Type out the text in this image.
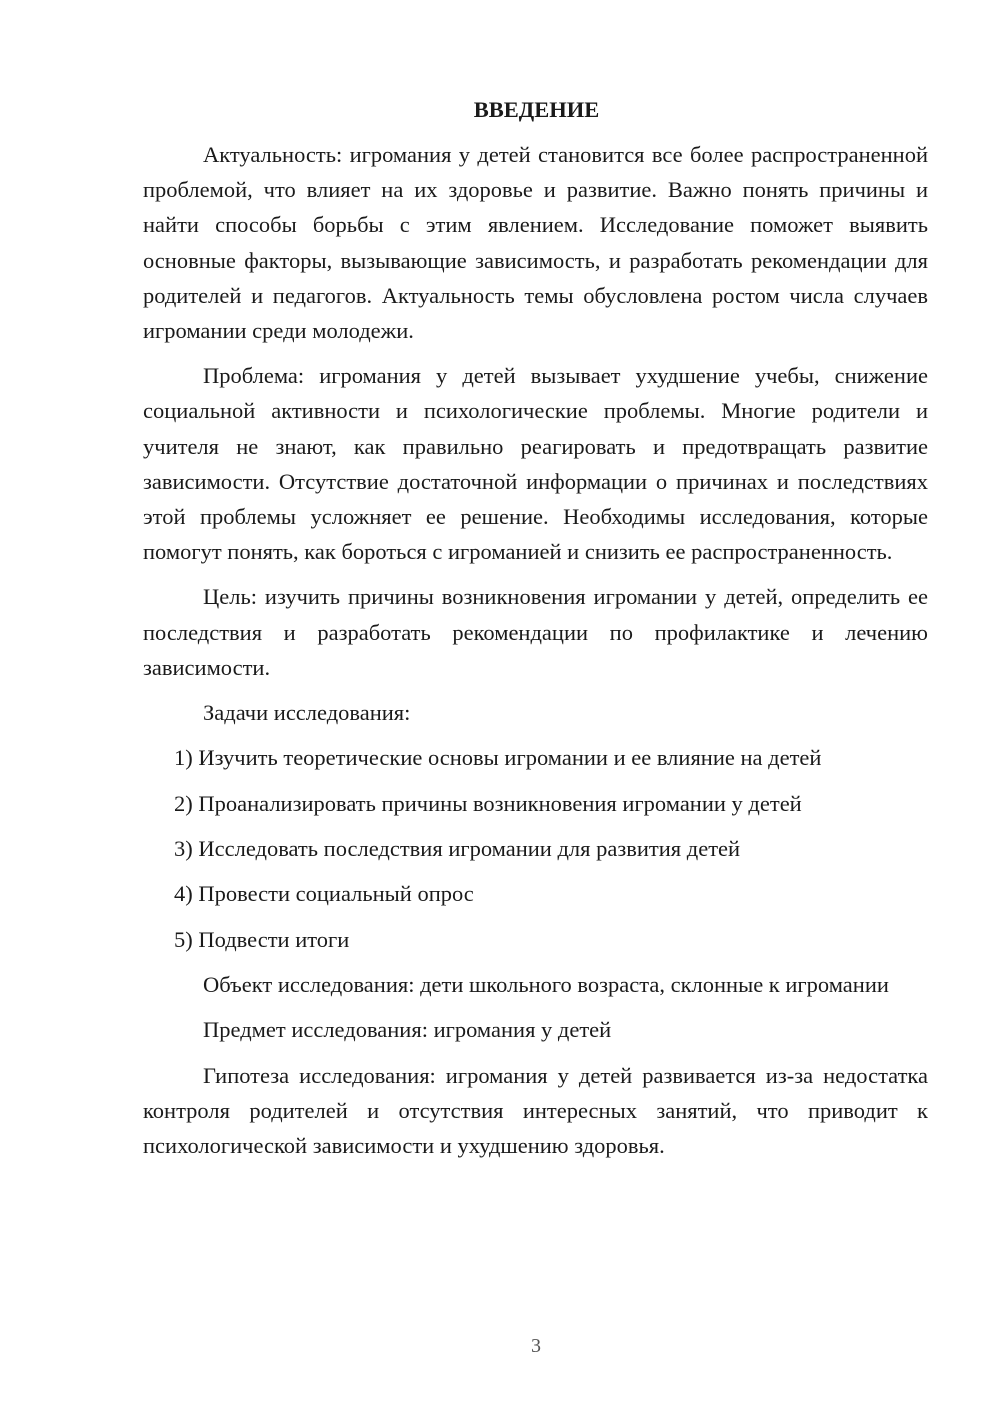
ВВЕДЕНИЕ

Актуальность: игромания у детей становится все более распространенной проблемой, что влияет на их здоровье и развитие. Важно понять причины и найти способы борьбы с этим явлением. Исследование поможет выявить основные факторы, вызывающие зависимость, и разработать рекомендации для родителей и педагогов. Актуальность темы обусловлена ростом числа случаев игромании среди молодежи.

Проблема: игромания у детей вызывает ухудшение учебы, снижение социальной активности и психологические проблемы. Многие родители и учителя не знают, как правильно реагировать и предотвращать развитие зависимости. Отсутствие достаточной информации о причинах и последствиях этой проблемы усложняет ее решение. Необходимы исследования, которые помогут понять, как бороться с игроманией и снизить ее распространенность.

Цель: изучить причины возникновения игромании у детей, определить ее последствия и разработать рекомендации по профилактике и лечению зависимости.

Задачи исследования:

1) Изучить теоретические основы игромании и ее влияние на детей
2) Проанализировать причины возникновения игромании у детей
3) Исследовать последствия игромании для развития детей
4) Провести социальный опрос
5) Подвести итоги

Объект исследования: дети школьного возраста, склонные к игромании

Предмет исследования: игромания у детей

Гипотеза исследования: игромания у детей развивается из-за недостатка контроля родителей и отсутствия интересных занятий, что приводит к психологической зависимости и ухудшению здоровья.

3
